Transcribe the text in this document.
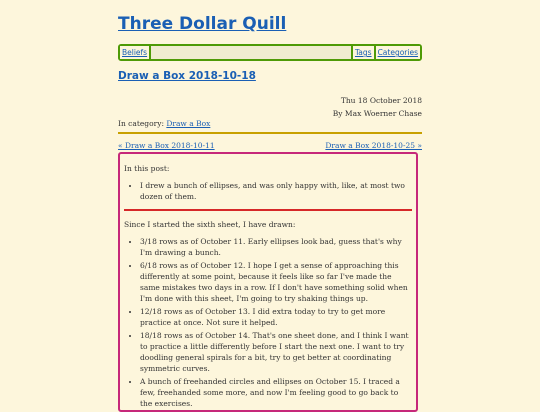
Three Dollar Quill
Beliefs	Tags Categories
Draw a Box 2018-10-18
Thu 18 October 2018
By Max Woerner Chase
In category: Draw a Box
« Draw a Box 2018-10-11	Draw a Box 2018-10-25 »

In this post:

• I drew a bunch of ellipses, and was only happy with, like, at most two dozen of them.

Since I started the sixth sheet, I have drawn:

• 3/18 rows as of October 11. Early ellipses look bad, guess that's why I'm drawing a bunch.
• 6/18 rows as of October 12. I hope I get a sense of approaching this differently at some point, because it feels like so far I've made the same mistakes two days in a row. If I don't have something solid when I'm done with this sheet, I'm going to try shaking things up.
• 12/18 rows as of October 13. I did extra today to try to get more practice at once. Not sure it helped.
• 18/18 rows as of October 14. That's one sheet done, and I think I want to practice a little differently before I start the next one. I want to try doodling general spirals for a bit, try to get better at coordinating symmetric curves.
• A bunch of freehanded circles and ellipses on October 15. I traced a few, freehanded some more, and now I'm feeling good to go back to the exercises.
